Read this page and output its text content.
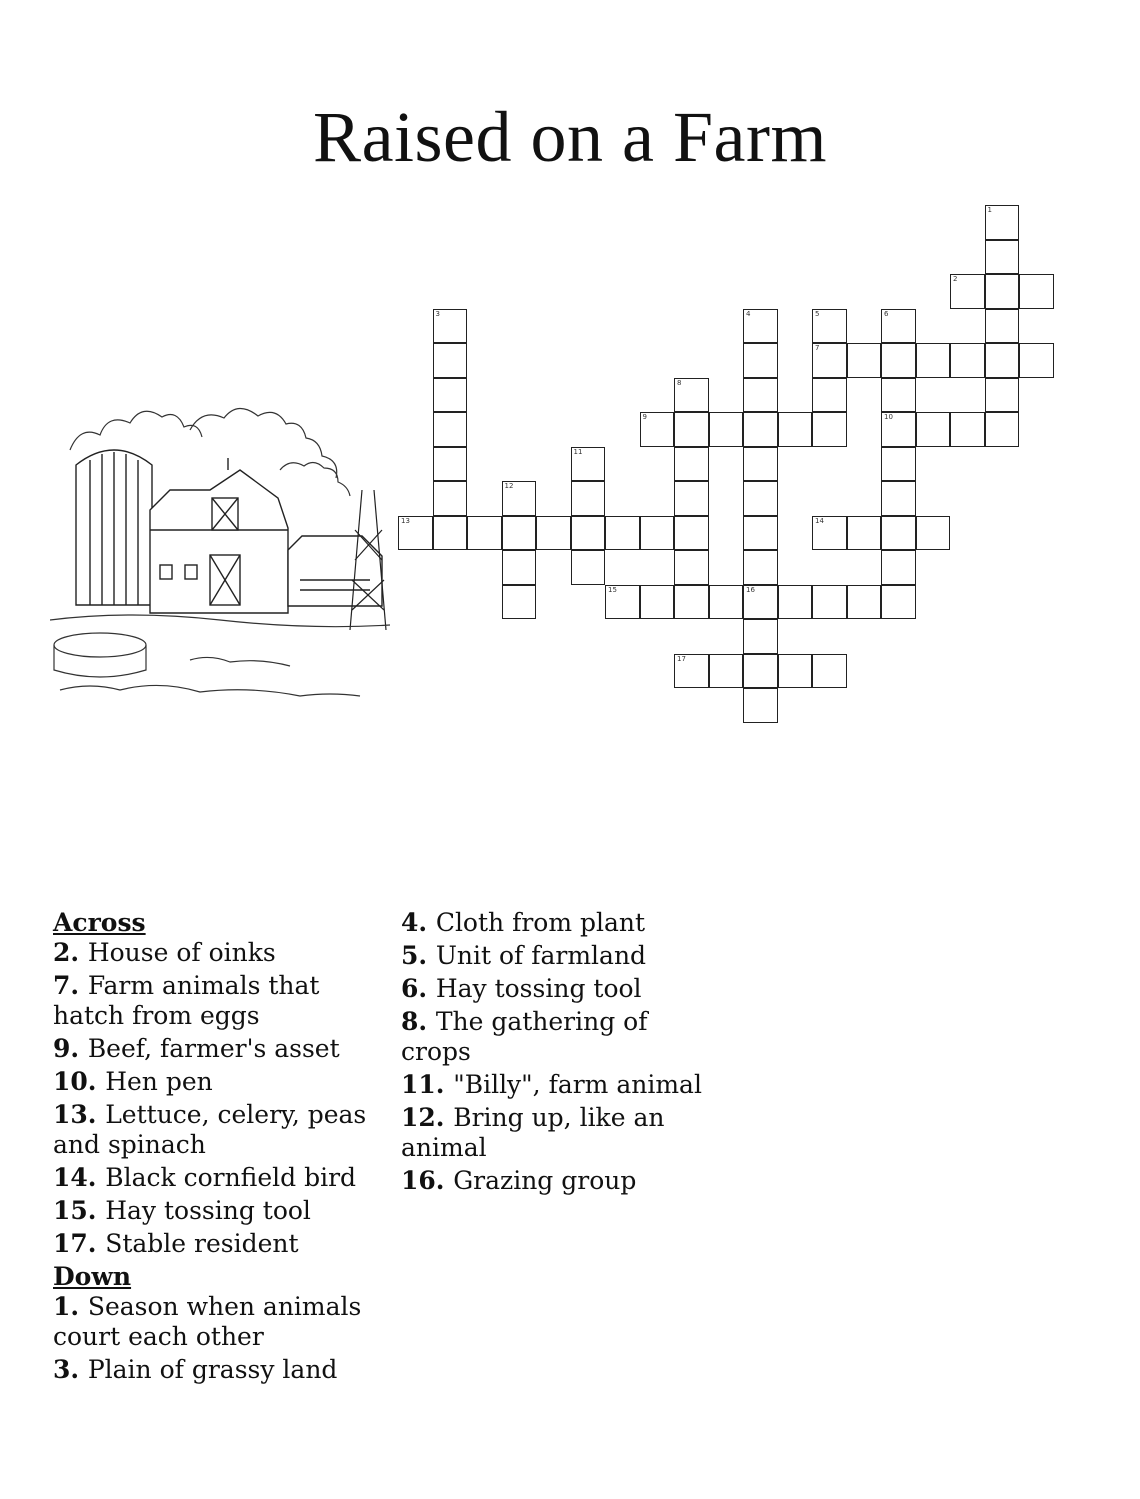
Raised on a Farm
1
2
3	4
16
5
7
6
10
8
9
11
12
13	14
15
17
Across
2. House of oinks
7. Farm animals that hatch from eggs
9. Beef, farmer's asset
10. Hen pen
13. Lettuce, celery, peas and spinach
14. Black cornfield bird
15. Hay tossing tool
17. Stable resident
Down
1. Season when animals court each other
3. Plain of grassy land
4. Cloth from plant
5. Unit of farmland
6. Hay tossing tool
8. The gathering of crops
11. "Billy", farm animal
12. Bring up, like an animal
16. Grazing group
